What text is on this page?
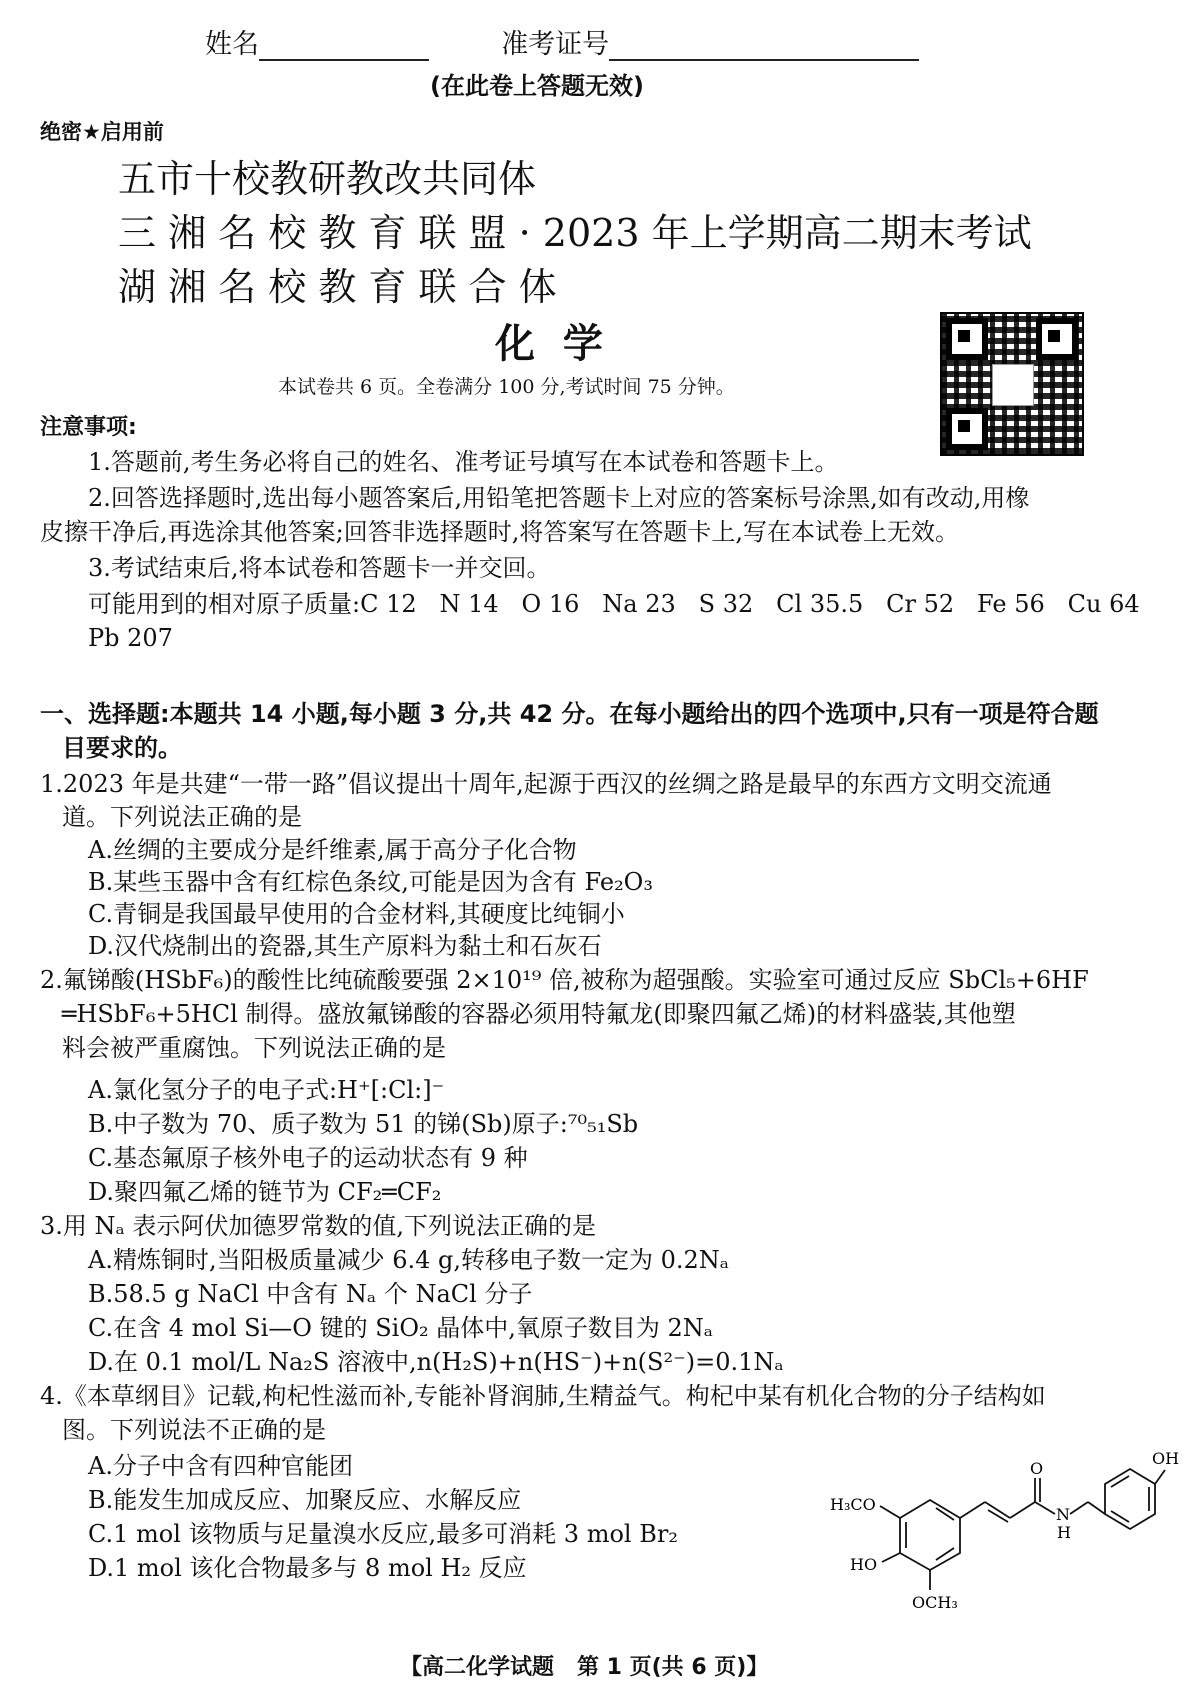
姓名	准考证号
(在此卷上答题无效)
绝密★启用前
五市十校教研教改共同体
三 湘 名 校 教 育 联 盟 · 2023 年上学期高二期末考试
湖 湘 名 校 教 育 联 合 体
化  学
本试卷共 6 页。全卷满分 100 分,考试时间 75 分钟。
注意事项:
1.答题前,考生务必将自己的姓名、准考证号填写在本试卷和答题卡上。
2.回答选择题时,选出每小题答案后,用铅笔把答题卡上对应的答案标号涂黑,如有改动,用橡
皮擦干净后,再选涂其他答案;回答非选择题时,将答案写在答题卡上,写在本试卷上无效。
3.考试结束后,将本试卷和答题卡一并交回。
可能用到的相对原子质量:C 12   N 14   O 16   Na 23   S 32   Cl 35.5   Cr 52   Fe 56   Cu 64
Pb 207
一、选择题:本题共 14 小题,每小题 3 分,共 42 分。在每小题给出的四个选项中,只有一项是符合题
目要求的。
1.2023 年是共建“一带一路”倡议提出十周年,起源于西汉的丝绸之路是最早的东西方文明交流通
道。下列说法正确的是
A.丝绸的主要成分是纤维素,属于高分子化合物
B.某些玉器中含有红棕色条纹,可能是因为含有 Fe₂O₃
C.青铜是我国最早使用的合金材料,其硬度比纯铜小
D.汉代烧制出的瓷器,其生产原料为黏土和石灰石
2.氟锑酸(HSbF₆)的酸性比纯硫酸要强 2×10¹⁹ 倍,被称为超强酸。实验室可通过反应 SbCl₅+6HF
═HSbF₆+5HCl 制得。盛放氟锑酸的容器必须用特氟龙(即聚四氟乙烯)的材料盛装,其他塑
料会被严重腐蚀。下列说法正确的是
A.氯化氢分子的电子式:H⁺[:Cl:]⁻
B.中子数为 70、质子数为 51 的锑(Sb)原子:⁷⁰₅₁Sb
C.基态氟原子核外电子的运动状态有 9 种
D.聚四氟乙烯的链节为 CF₂═CF₂
3.用 Nₐ 表示阿伏加德罗常数的值,下列说法正确的是
A.精炼铜时,当阳极质量减少 6.4 g,转移电子数一定为 0.2Nₐ
B.58.5 g NaCl 中含有 Nₐ 个 NaCl 分子
C.在含 4 mol Si—O 键的 SiO₂ 晶体中,氧原子数目为 2Nₐ
D.在 0.1 mol/L Na₂S 溶液中,n(H₂S)+n(HS⁻)+n(S²⁻)=0.1Nₐ
4.《本草纲目》记载,枸杞性滋而补,专能补肾润肺,生精益气。枸杞中某有机化合物的分子结构如
图。下列说法不正确的是
A.分子中含有四种官能团
B.能发生加成反应、加聚反应、水解反应
C.1 mol 该物质与足量溴水反应,最多可消耗 3 mol Br₂
D.1 mol 该化合物最多与 8 mol H₂ 反应
H₃CO
HO
OCH₃
O
N
H
OH
【高二化学试题   第 1 页(共 6 页)】
